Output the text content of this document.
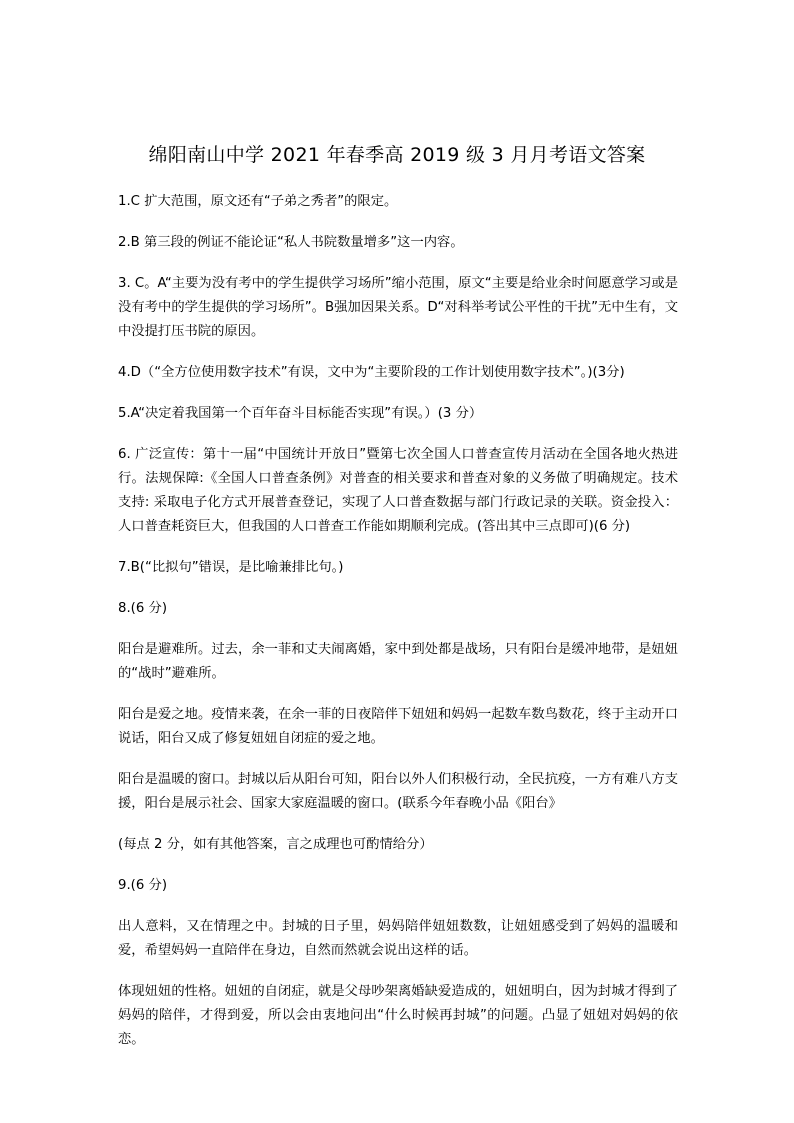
绵阳南山中学 2021 年春季高 2019 级 3 月月考语文答案

1.C 扩大范围，原文还有“子弟之秀者”的限定。

2.B 第三段的例证不能论证“私人书院数量增多”这一内容。

3. C。A“主要为没有考中的学生提供学习场所”缩小范围，原文“主要是给业余时间愿意学习或是没有考中的学生提供的学习场所”。B强加因果关系。D“对科举考试公平性的干扰”无中生有，文中没提打压书院的原因。

4.D（“全方位使用数字技术”有误，文中为“主要阶段的工作计划使用数字技术”。)(3分)

5.A“决定着我国第一个百年奋斗目标能否实现”有误。）(3 分）

6. 广泛宣传：第十一届“中国统计开放日”暨第七次全国人口普查宣传月活动在全国各地火热进行。法规保障:《全国人口普查条例》对普查的相关要求和普查对象的义务做了明确规定。技术支持: 采取电子化方式开展普查登记，实现了人口普查数据与部门行政记录的关联。资金投入：人口普查耗资巨大，但我国的人口普查工作能如期顺利完成。(答出其中三点即可)(6 分)

7.B(“比拟句”错误，是比喻兼排比句。)

8.(6 分)

阳台是避难所。过去，余一菲和丈夫闹离婚，家中到处都是战场，只有阳台是缓冲地带，是妞妞的“战时”避难所。

阳台是爱之地。疫情来袭，在余一菲的日夜陪伴下妞妞和妈妈一起数车数鸟数花，终于主动开口说话，阳台又成了修复妞妞自闭症的爱之地。

阳台是温暖的窗口。封城以后从阳台可知，阳台以外人们积极行动，全民抗疫，一方有难八方支援，阳台是展示社会、国家大家庭温暖的窗口。(联系今年春晚小品《阳台》

(每点 2 分，如有其他答案，言之成理也可酌情给分）

9.(6 分)

出人意料，又在情理之中。封城的日子里，妈妈陪伴妞妞数数，让妞妞感受到了妈妈的温暖和爱，希望妈妈一直陪伴在身边，自然而然就会说出这样的话。

体现妞妞的性格。妞妞的自闭症，就是父母吵架离婚缺爱造成的，妞妞明白，因为封城才得到了妈妈的陪伴，才得到爱，所以会由衷地问出“什么时候再封城”的问题。凸显了妞妞对妈妈的依恋。
